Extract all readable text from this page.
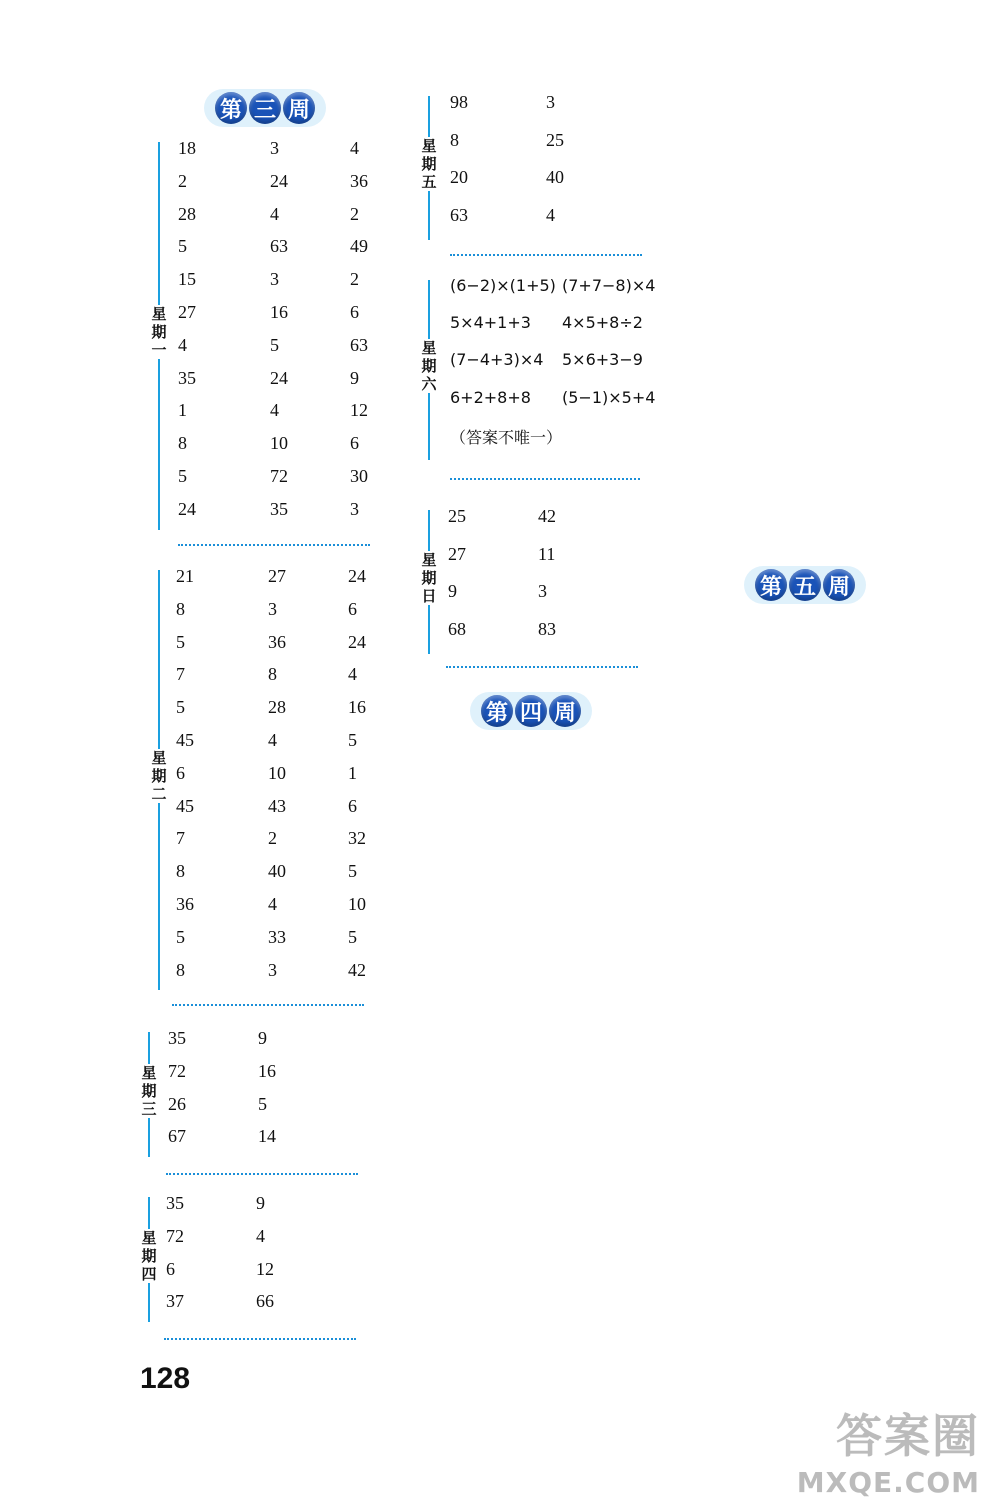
第 三 周
星
期
一
18	3	4
2	24	36
28	4	2
5	63	49
15	3	2
27	16	6
4	5	63
35	24	9
1	4	12
8	10	6
5	72	30
24	35	3
星
期
二
21	27	24
8	3	6
5	36	24
7	8	4
5	28	16
45	4	5
6	10	1
45	43	6
7	2	32
8	40	5
36	4	10
5	33	5
8	3	42
星
期
三
35	9
72	16
26	5
67	14
星
期
四
35	9
72	4
6	12
37	66
星
期
五
98	3
8	25
20	40
63	4
星
期
六
(6−2)×(1+5) (7+7−8)×4
5×4+1+3 4×5+8÷2
(7−4+3)×4 5×6+3−9
6+2+8+8 (5−1)×5+4
（答案不唯一）
星
期
日
25	42
27	11
9	3
68	83
第 四 周
第 五 周
128
答案圈
MXQE.COM
